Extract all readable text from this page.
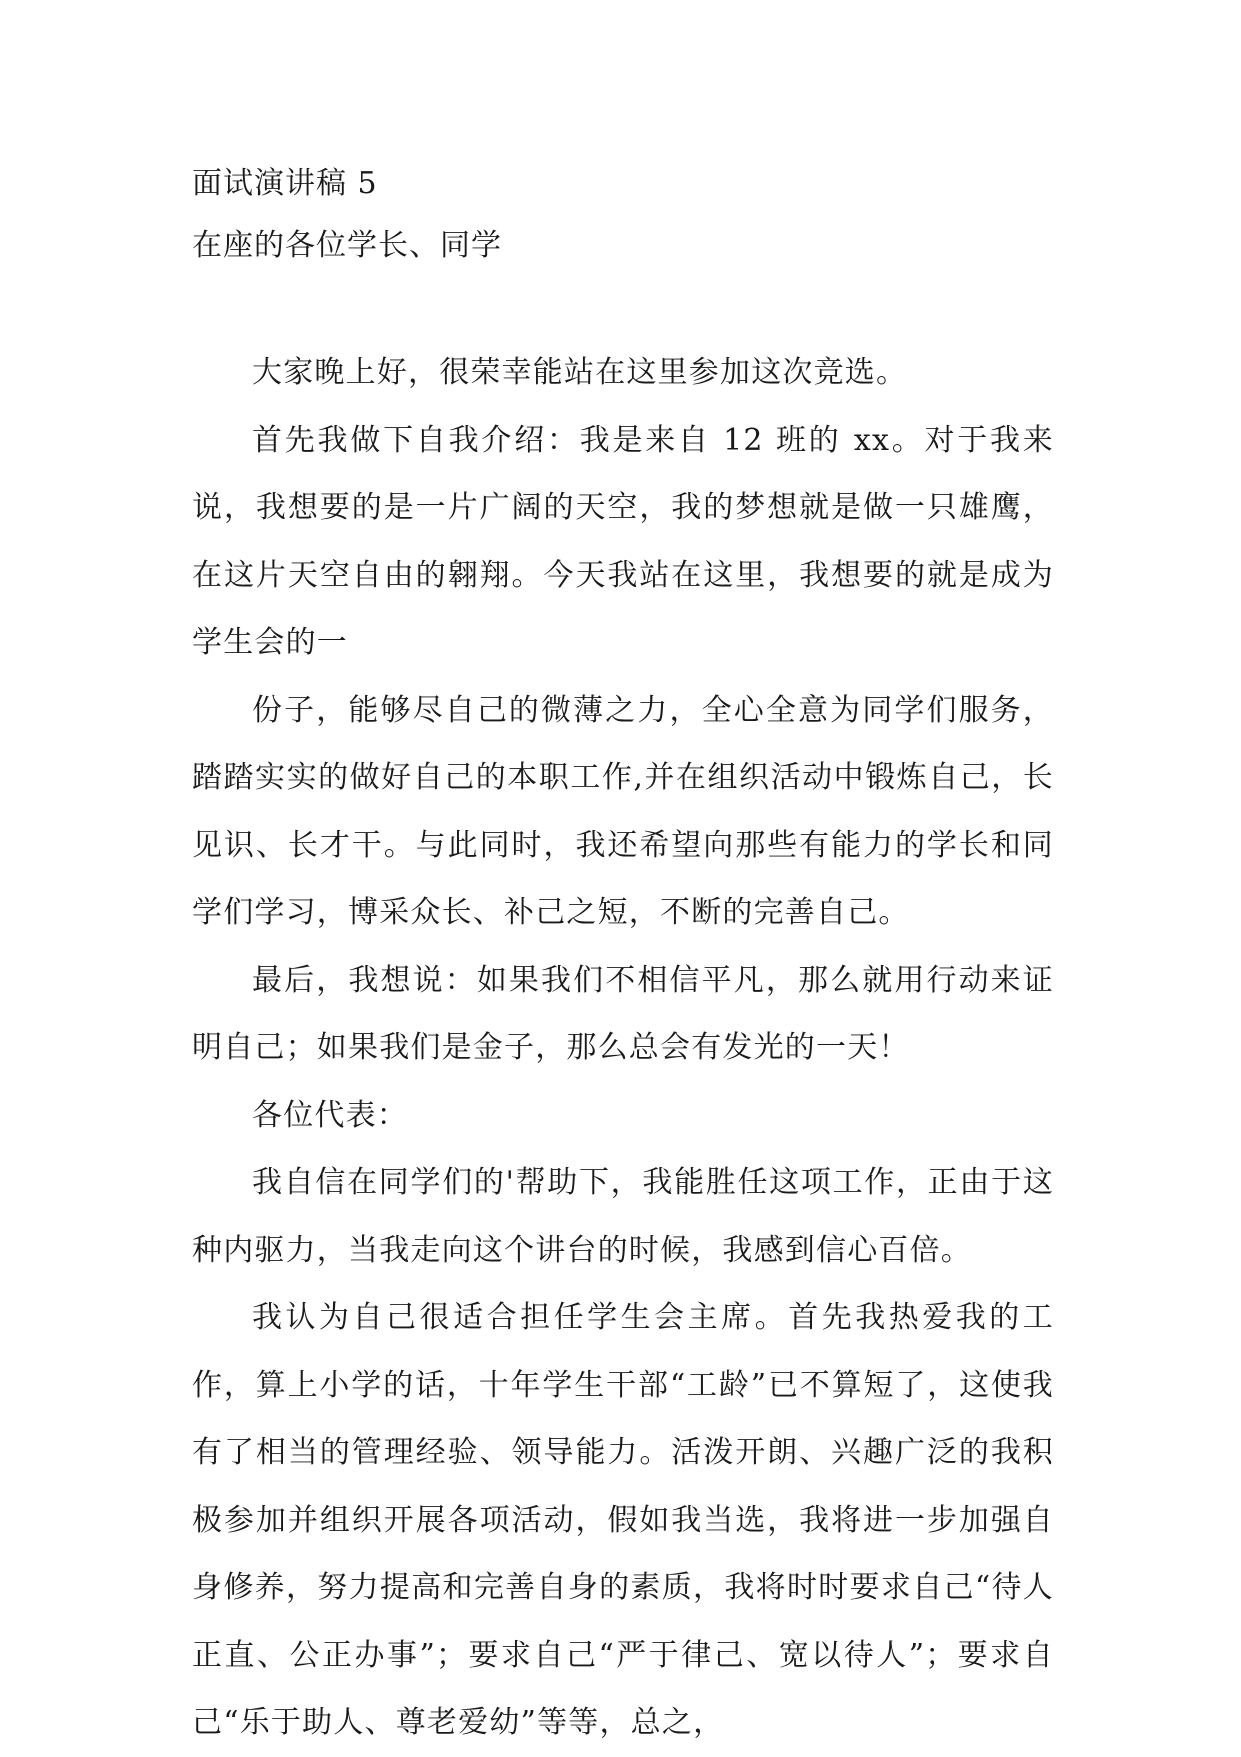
面试演讲稿 5
在座的各位学长、同学

大家晚上好，很荣幸能站在这里参加这次竞选。

首先我做下自我介绍：我是来自 12 班的 xx。对于我来说，我想要的是一片广阔的天空，我的梦想就是做一只雄鹰，在这片天空自由的翱翔。今天我站在这里，我想要的就是成为学生会的一

份子，能够尽自己的微薄之力，全心全意为同学们服务，踏踏实实的做好自己的本职工作,并在组织活动中锻炼自己，长见识、长才干。与此同时，我还希望向那些有能力的学长和同学们学习，博采众长、补己之短，不断的完善自己。

最后，我想说：如果我们不相信平凡，那么就用行动来证明自己；如果我们是金子，那么总会有发光的一天！

各位代表：

我自信在同学们的'帮助下，我能胜任这项工作，正由于这种内驱力，当我走向这个讲台的时候，我感到信心百倍。

我认为自己很适合担任学生会主席。首先我热爱我的工作，算上小学的话，十年学生干部“工龄”已不算短了，这使我有了相当的管理经验、领导能力。活泼开朗、兴趣广泛的我积极参加并组织开展各项活动，假如我当选，我将进一步加强自身修养，努力提高和完善自身的素质，我将时时要求自己“待人正直、公正办事”；要求自己“严于律己、宽以待人”；要求自己“乐于助人、尊老爱幼”等等，总之，
